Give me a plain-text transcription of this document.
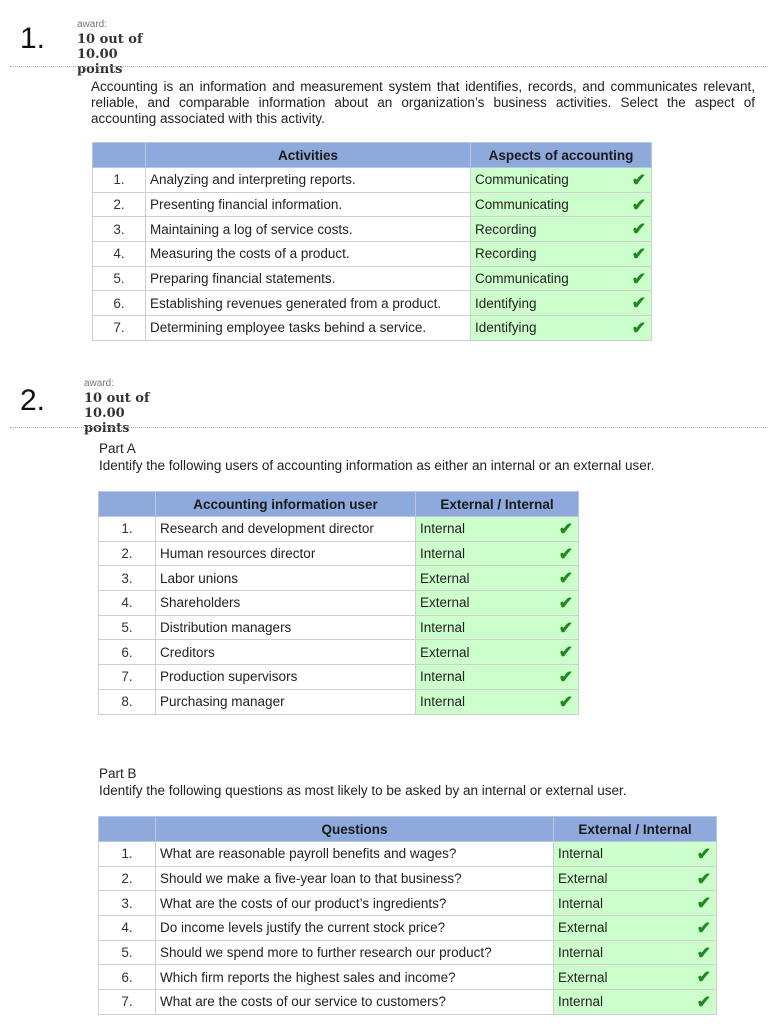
1.	award:
10 out of
10.00
points
Accounting is an information and measurement system that identifies, records, and communicates relevant, reliable, and comparable information about an organization’s business activities. Select the aspect of accounting associated with this activity.
	Activities	Aspects of accounting
1.	Analyzing and interpreting reports.	Communicating ✔

2.	Presenting financial information.	Communicating ✔

3.	Maintaining a log of service costs.	Recording ✔

4.	Measuring the costs of a product.	Recording ✔

5.	Preparing financial statements.	Communicating ✔

6.	Establishing revenues generated from a product.	Identifying ✔

7.	Determining employee tasks behind a service.	Identifying ✔
2.
award:
10 out of
10.00
points
Part A
Identify the following users of accounting information as either an internal or an external user.
	Accounting information user	External / Internal
1.	Research and development director	Internal ✔

2.	Human resources director	Internal ✔

3.	Labor unions	External ✔

4.	Shareholders	External ✔

5.	Distribution managers	Internal ✔

6.	Creditors	External ✔

7.	Production supervisors	Internal ✔

8.	Purchasing manager	Internal ✔
Part B
Identify the following questions as most likely to be asked by an internal or external user.
	Questions	External / Internal
1.	What are reasonable payroll benefits and wages?	Internal ✔

2.	Should we make a five-year loan to that business?	External ✔

3.	What are the costs of our product’s ingredients?	Internal ✔

4.	Do income levels justify the current stock price?	External ✔

5.	Should we spend more to further research our product?	Internal ✔

6.	Which firm reports the highest sales and income?	External ✔

7.	What are the costs of our service to customers?	Internal ✔
